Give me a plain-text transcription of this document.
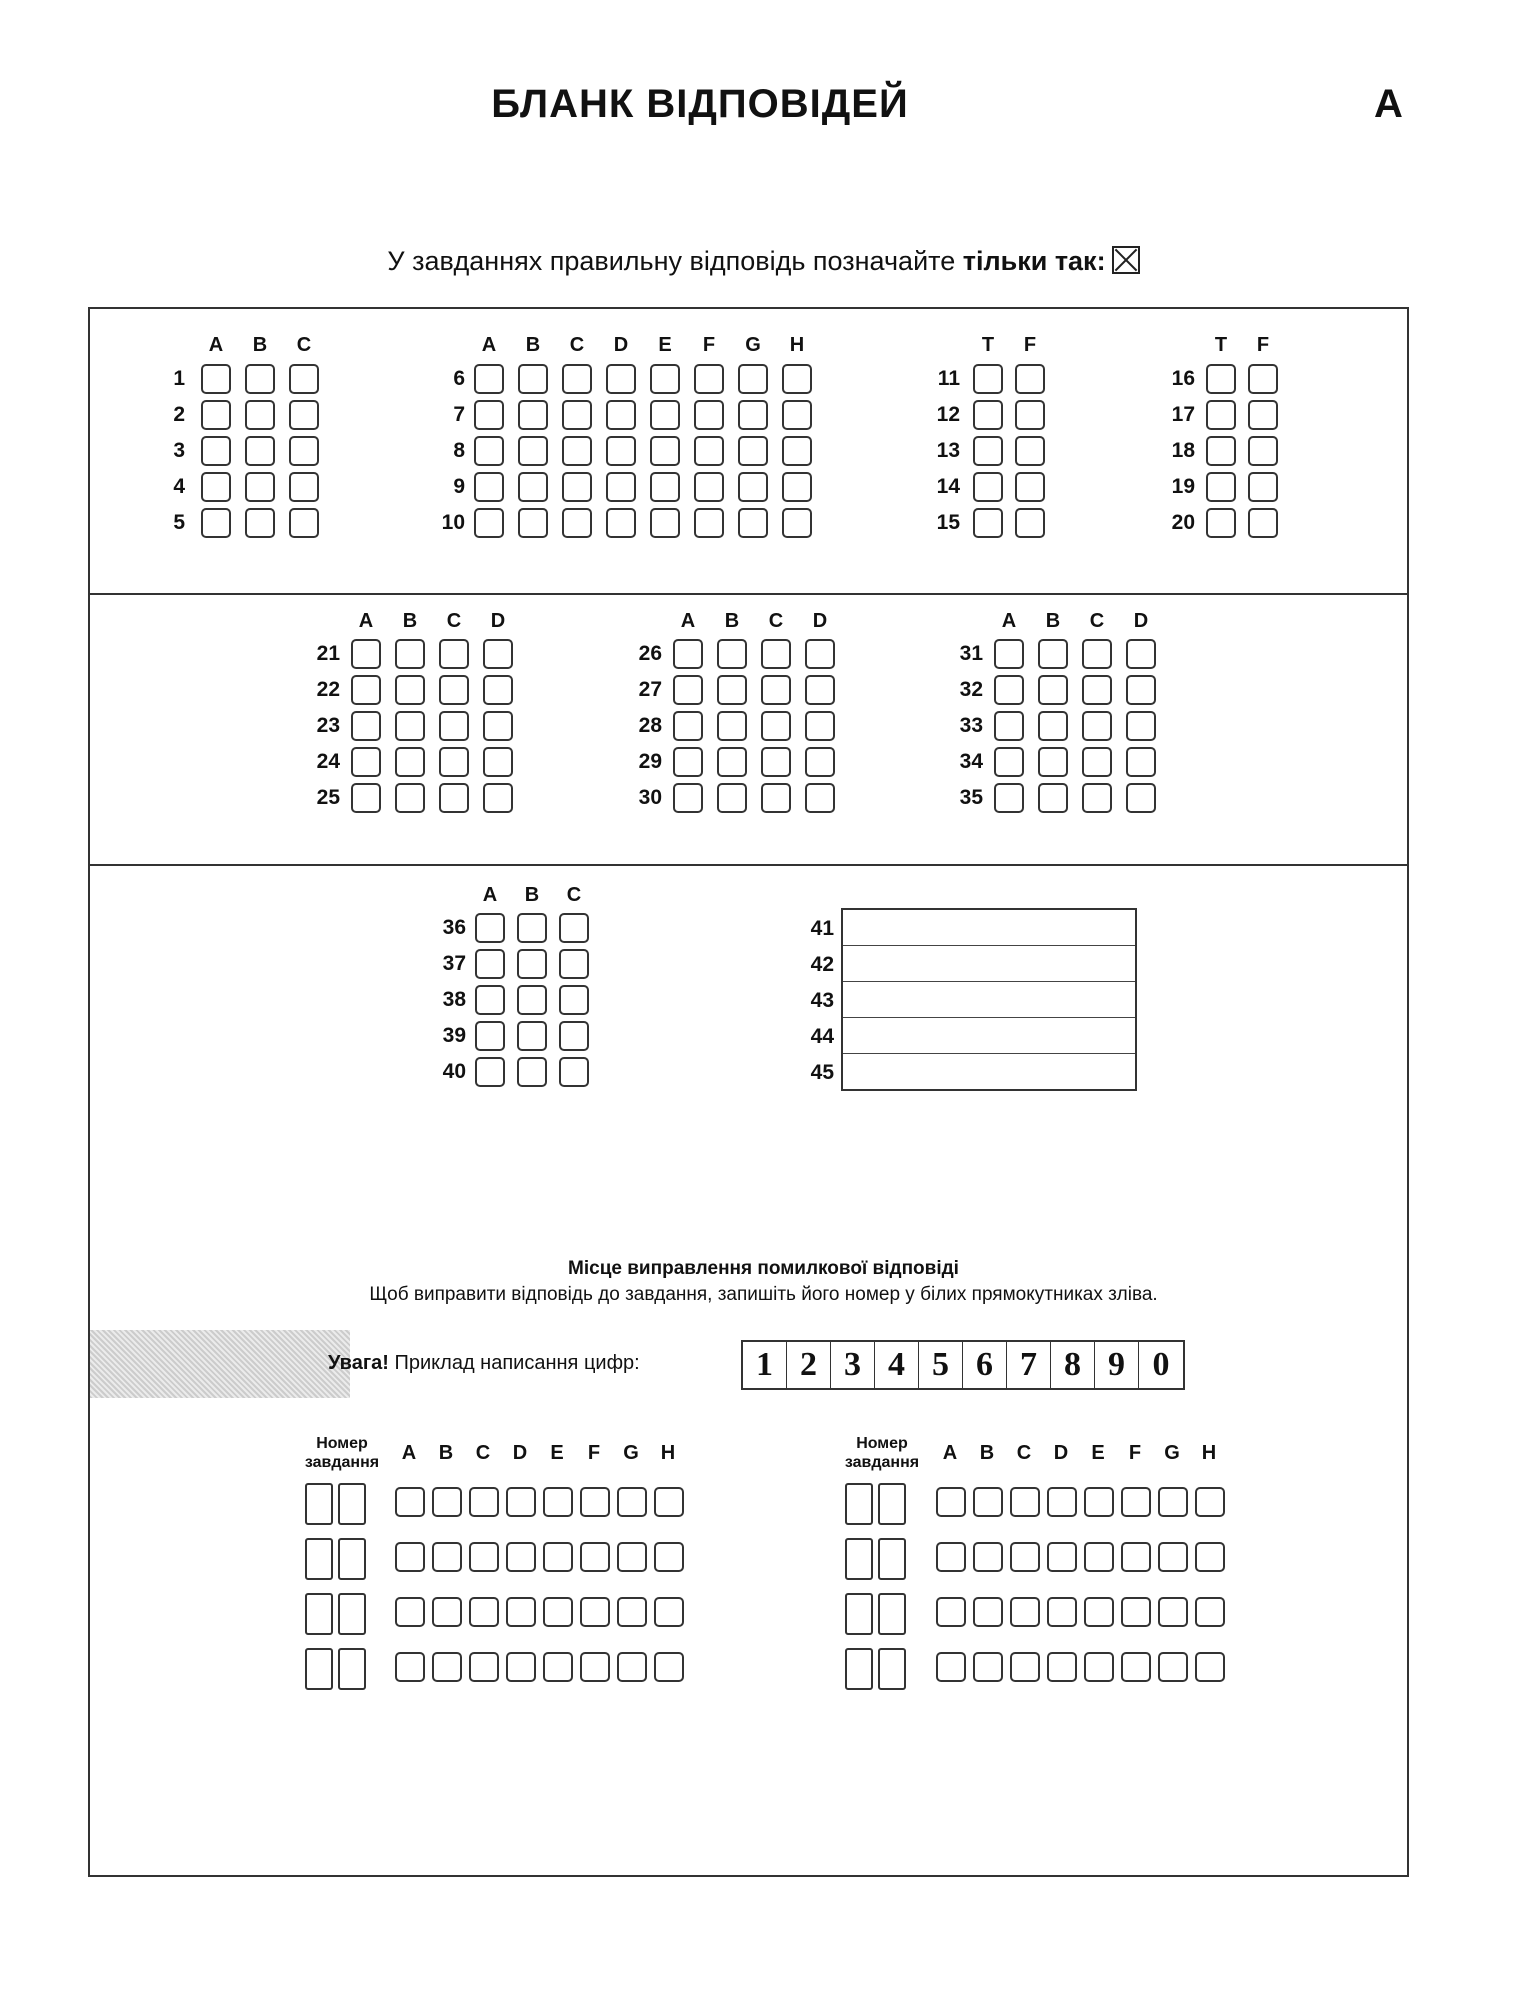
БЛАНК ВІДПОВІДЕЙ	А
У завданнях правильну відповідь позначайте тільки так:
A	B	C
1
2
3
4
5
A	B	C	D	E	F	G	H
6
7
8
9
10
T	F
11
12
13
14
15
T	F
16
17
18
19
20
A	B	C	D
21
22
23
24
25
A	B	C	D
26
27
28
29
30
A	B	C	D
31
32
33
34
35
A	B	C
36
37
38
39
40
41
42
43
44
45
Місце виправлення помилкової відповіді
Щоб виправити відповідь до завдання, запишіть його номер у білих прямокутниках зліва.
Увага! Приклад написання цифр:	1 2 3 4 5 6 7 8 9 0
Номер
завдання	A	B	C	D	E	F	G	H	Номер
завдання	A	B	C	D	E	F	G	H
